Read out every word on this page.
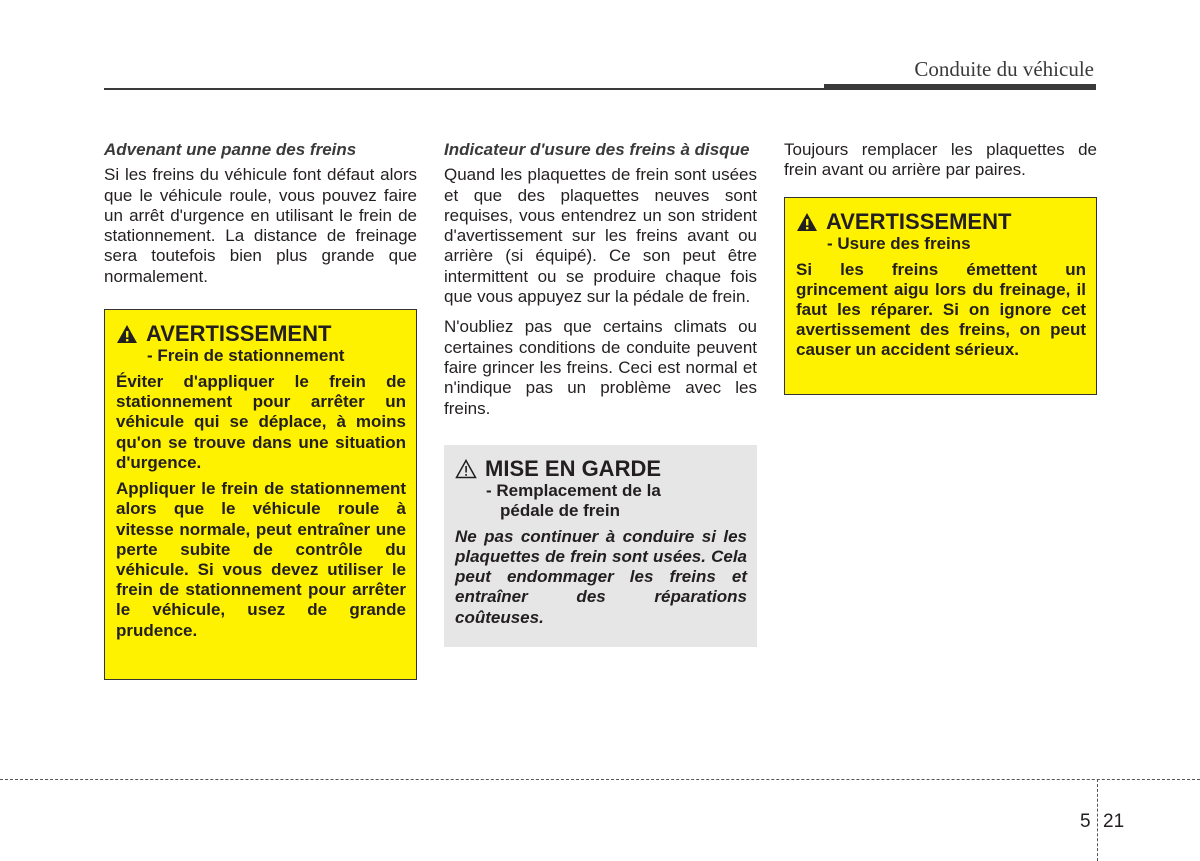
Conduite du véhicule
Advenant une panne des freins

Si les freins du véhicule font défaut alors que le véhicule roule, vous pouvez faire un arrêt d'urgence en utilisant le frein de stationnement. La distance de freinage sera toutefois bien plus grande que normalement.

AVERTISSEMENT
- Frein de stationnement

Éviter d'appliquer le frein de stationnement pour arrêter un véhicule qui se déplace, à moins qu'on se trouve dans une situation d'urgence.

Appliquer le frein de stationnement alors que le véhicule roule à vitesse normale, peut entraîner une perte subite de contrôle du véhicule. Si vous devez utiliser le frein de stationnement pour arrêter le véhicule, usez de grande prudence.

Indicateur d'usure des freins à disque

Quand les plaquettes de frein sont usées et que des plaquettes neuves sont requises, vous entendrez un son strident d'avertissement sur les freins avant ou arrière (si équipé). Ce son peut être intermittent ou se produire chaque fois que vous appuyez sur la pédale de frein.

N'oubliez pas que certains climats ou certaines conditions de conduite peuvent faire grincer les freins. Ceci est normal et n'indique pas un problème avec les freins.

MISE EN GARDE
- Remplacement de la
pédale de frein

Ne pas continuer à conduire si les plaquettes de frein sont usées. Cela peut endommager les freins et entraîner des réparations coûteuses.

Toujours remplacer les plaquettes de frein avant ou arrière par paires.

AVERTISSEMENT
- Usure des freins

Si les freins émettent un grincement aigu lors du freinage, il faut les réparer. Si on ignore cet avertissement des freins, on peut causer un accident sérieux.

5 21
